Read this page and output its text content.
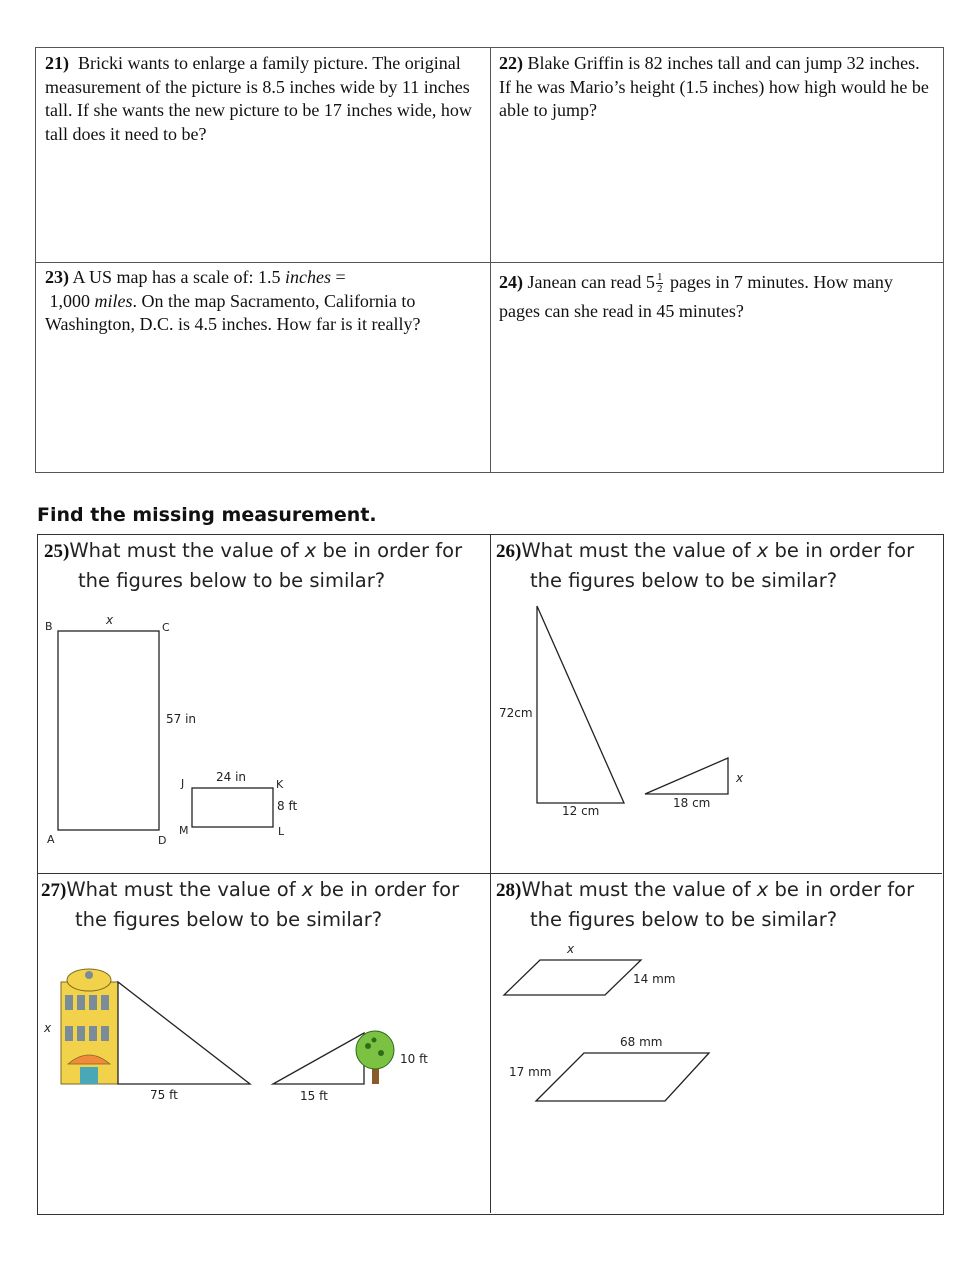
21) Bricki wants to enlarge a family picture. The original measurement of the picture is 8.5 inches wide by 11 inches tall. If she wants the new picture to be 17 inches wide, how tall does it need to be?
22) Blake Griffin is 82 inches tall and can jump 32 inches. If he was Mario’s height (1.5 inches) how high would he be able to jump?
23) A US map has a scale of: 1.5 inches =
1,000 miles. On the map Sacramento, California to Washington, D.C. is 4.5 inches. How far is it really?
24) Janean can read $5 \frac{1}{2}$ pages in 7 minutes. How many pages can she read in 45 minutes?
Find the missing measurement.
25)What must the value of x be in order for
the figures below to be similar?
26)What must the value of x be in order for
the figures below to be similar?
27)What must the value of x be in order for
the figures below to be similar?
28)What must the value of x be in order for
the figures below to be similar?
B	C
A	D
x
57 in
J	K
M	L
24 in
8 ft
72cm
12 cm
18 cm
x
x
75 ft
10 ft
15 ft
x
14 mm
68 mm
17 mm
